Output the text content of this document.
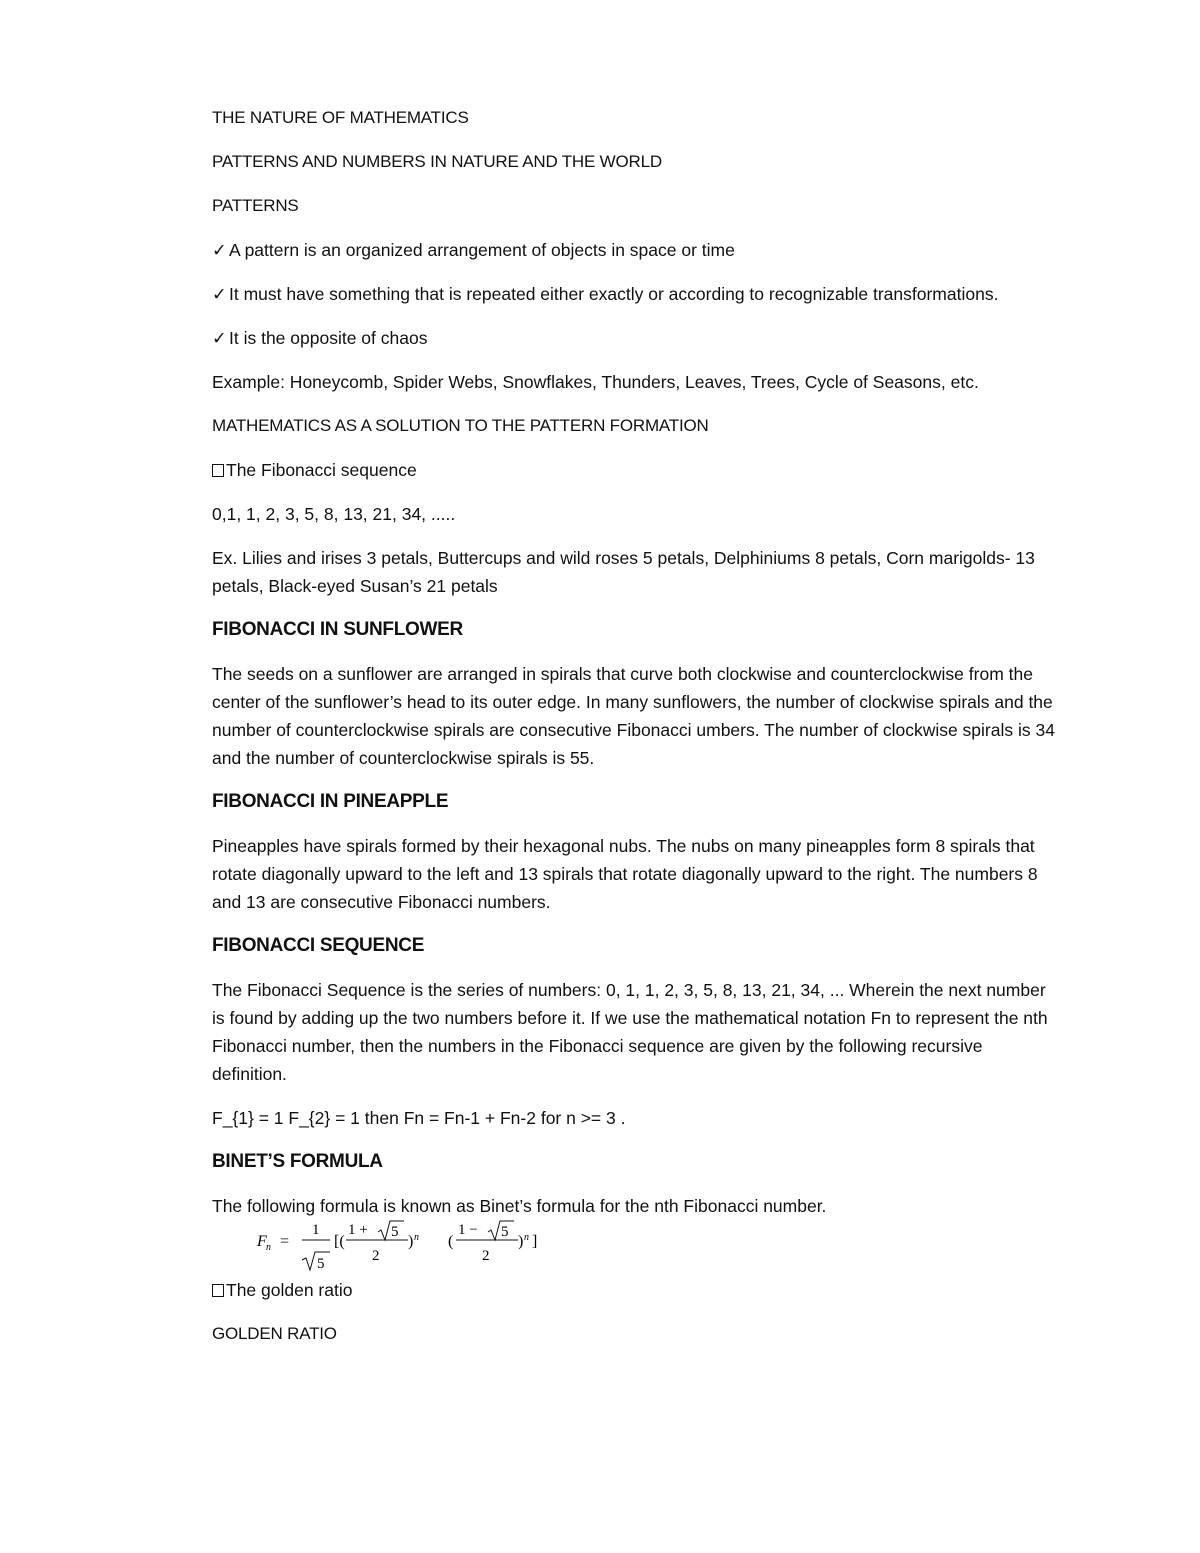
THE NATURE OF MATHEMATICS

PATTERNS AND NUMBERS IN NATURE AND THE WORLD

PATTERNS

✓ A pattern is an organized arrangement of objects in space or time

✓ It must have something that is repeated either exactly or according to recognizable transformations.

✓ It is the opposite of chaos

Example: Honeycomb, Spider Webs, Snowflakes, Thunders, Leaves, Trees, Cycle of Seasons, etc.

MATHEMATICS AS A SOLUTION TO THE PATTERN FORMATION

The Fibonacci sequence

0,1, 1, 2, 3, 5, 8, 13, 21, 34, .....

Ex. Lilies and irises 3 petals, Buttercups and wild roses 5 petals, Delphiniums 8 petals, Corn marigolds- 13 petals, Black-eyed Susan’s 21 petals

FIBONACCI IN SUNFLOWER

The seeds on a sunflower are arranged in spirals that curve both clockwise and counterclockwise from the center of the sunflower’s head to its outer edge. In many sunflowers, the number of clockwise spirals and the number of counterclockwise spirals are consecutive Fibonacci umbers. The number of clockwise spirals is 34 and the number of counterclockwise spirals is 55.

FIBONACCI IN PINEAPPLE

Pineapples have spirals formed by their hexagonal nubs. The nubs on many pineapples form 8 spirals that rotate diagonally upward to the left and 13 spirals that rotate diagonally upward to the right. The numbers 8 and 13 are consecutive Fibonacci numbers.

FIBONACCI SEQUENCE

The Fibonacci Sequence is the series of numbers: 0, 1, 1, 2, 3, 5, 8, 13, 21, 34, ... Wherein the next number is found by adding up the two numbers before it. If we use the mathematical notation Fn to represent the nth Fibonacci number, then the numbers in the Fibonacci sequence are given by the following recursive definition.

F_{1} = 1 F_{2} = 1 then Fn = Fn-1 + Fn-2 for n >= 3 .

BINET’S FORMULA

The following formula is known as Binet’s formula for the nth Fibonacci number.

F n =
1
5
[(
1 + 5
2
) n (
1 − 5
2
) n ]

The golden ratio

GOLDEN RATIO
